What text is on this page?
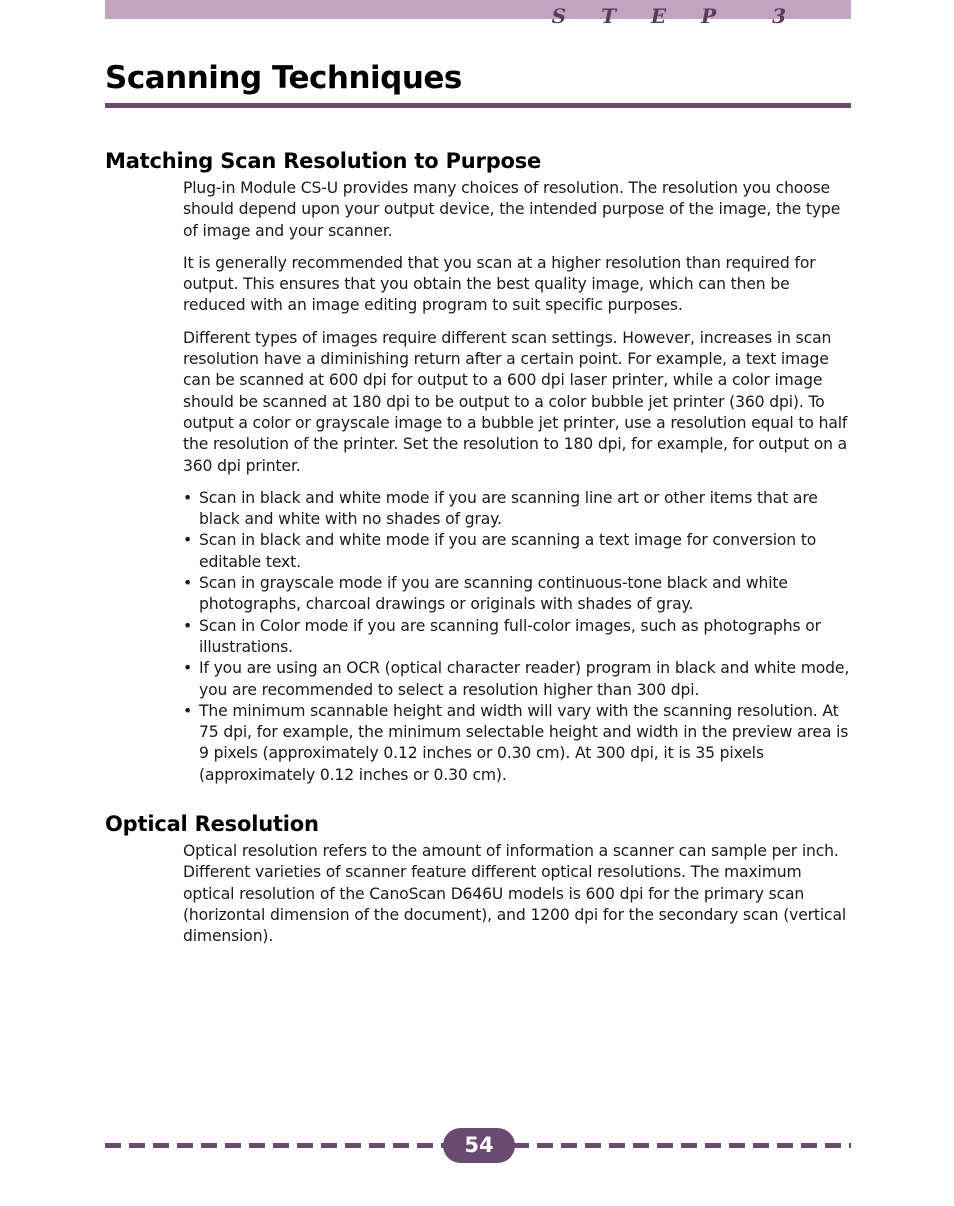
S T E P  3
Scanning Techniques
Matching Scan Resolution to Purpose

Plug-in Module CS-U provides many choices of resolution. The resolution you choose should depend upon your output device, the intended purpose of the image, the type of image and your scanner.

It is generally recommended that you scan at a higher resolution than required for output. This ensures that you obtain the best quality image, which can then be reduced with an image editing program to suit specific purposes.

Different types of images require different scan settings. However, increases in scan resolution have a diminishing return after a certain point. For example, a text image can be scanned at 600 dpi for output to a 600 dpi laser printer, while a color image should be scanned at 180 dpi to be output to a color bubble jet printer (360 dpi). To output a color or grayscale image to a bubble jet printer, use a resolution equal to half the resolution of the printer. Set the resolution to 180 dpi, for example, for output on a 360 dpi printer.

• Scan in black and white mode if you are scanning line art or other items that are black and white with no shades of gray.
• Scan in black and white mode if you are scanning a text image for conversion to editable text.
• Scan in grayscale mode if you are scanning continuous-tone black and white photographs, charcoal drawings or originals with shades of gray.
• Scan in Color mode if you are scanning full-color images, such as photographs or illustrations.
• If you are using an OCR (optical character reader) program in black and white mode, you are recommended to select a resolution higher than 300 dpi.
• The minimum scannable height and width will vary with the scanning resolution. At 75 dpi, for example, the minimum selectable height and width in the preview area is 9 pixels (approximately 0.12 inches or 0.30 cm). At 300 dpi, it is 35 pixels (approximately 0.12 inches or 0.30 cm).
Optical Resolution

Optical resolution refers to the amount of information a scanner can sample per inch. Different varieties of scanner feature different optical resolutions. The maximum optical resolution of the CanoScan D646U models is 600 dpi for the primary scan (horizontal dimension of the document), and 1200 dpi for the secondary scan (vertical dimension).

54
